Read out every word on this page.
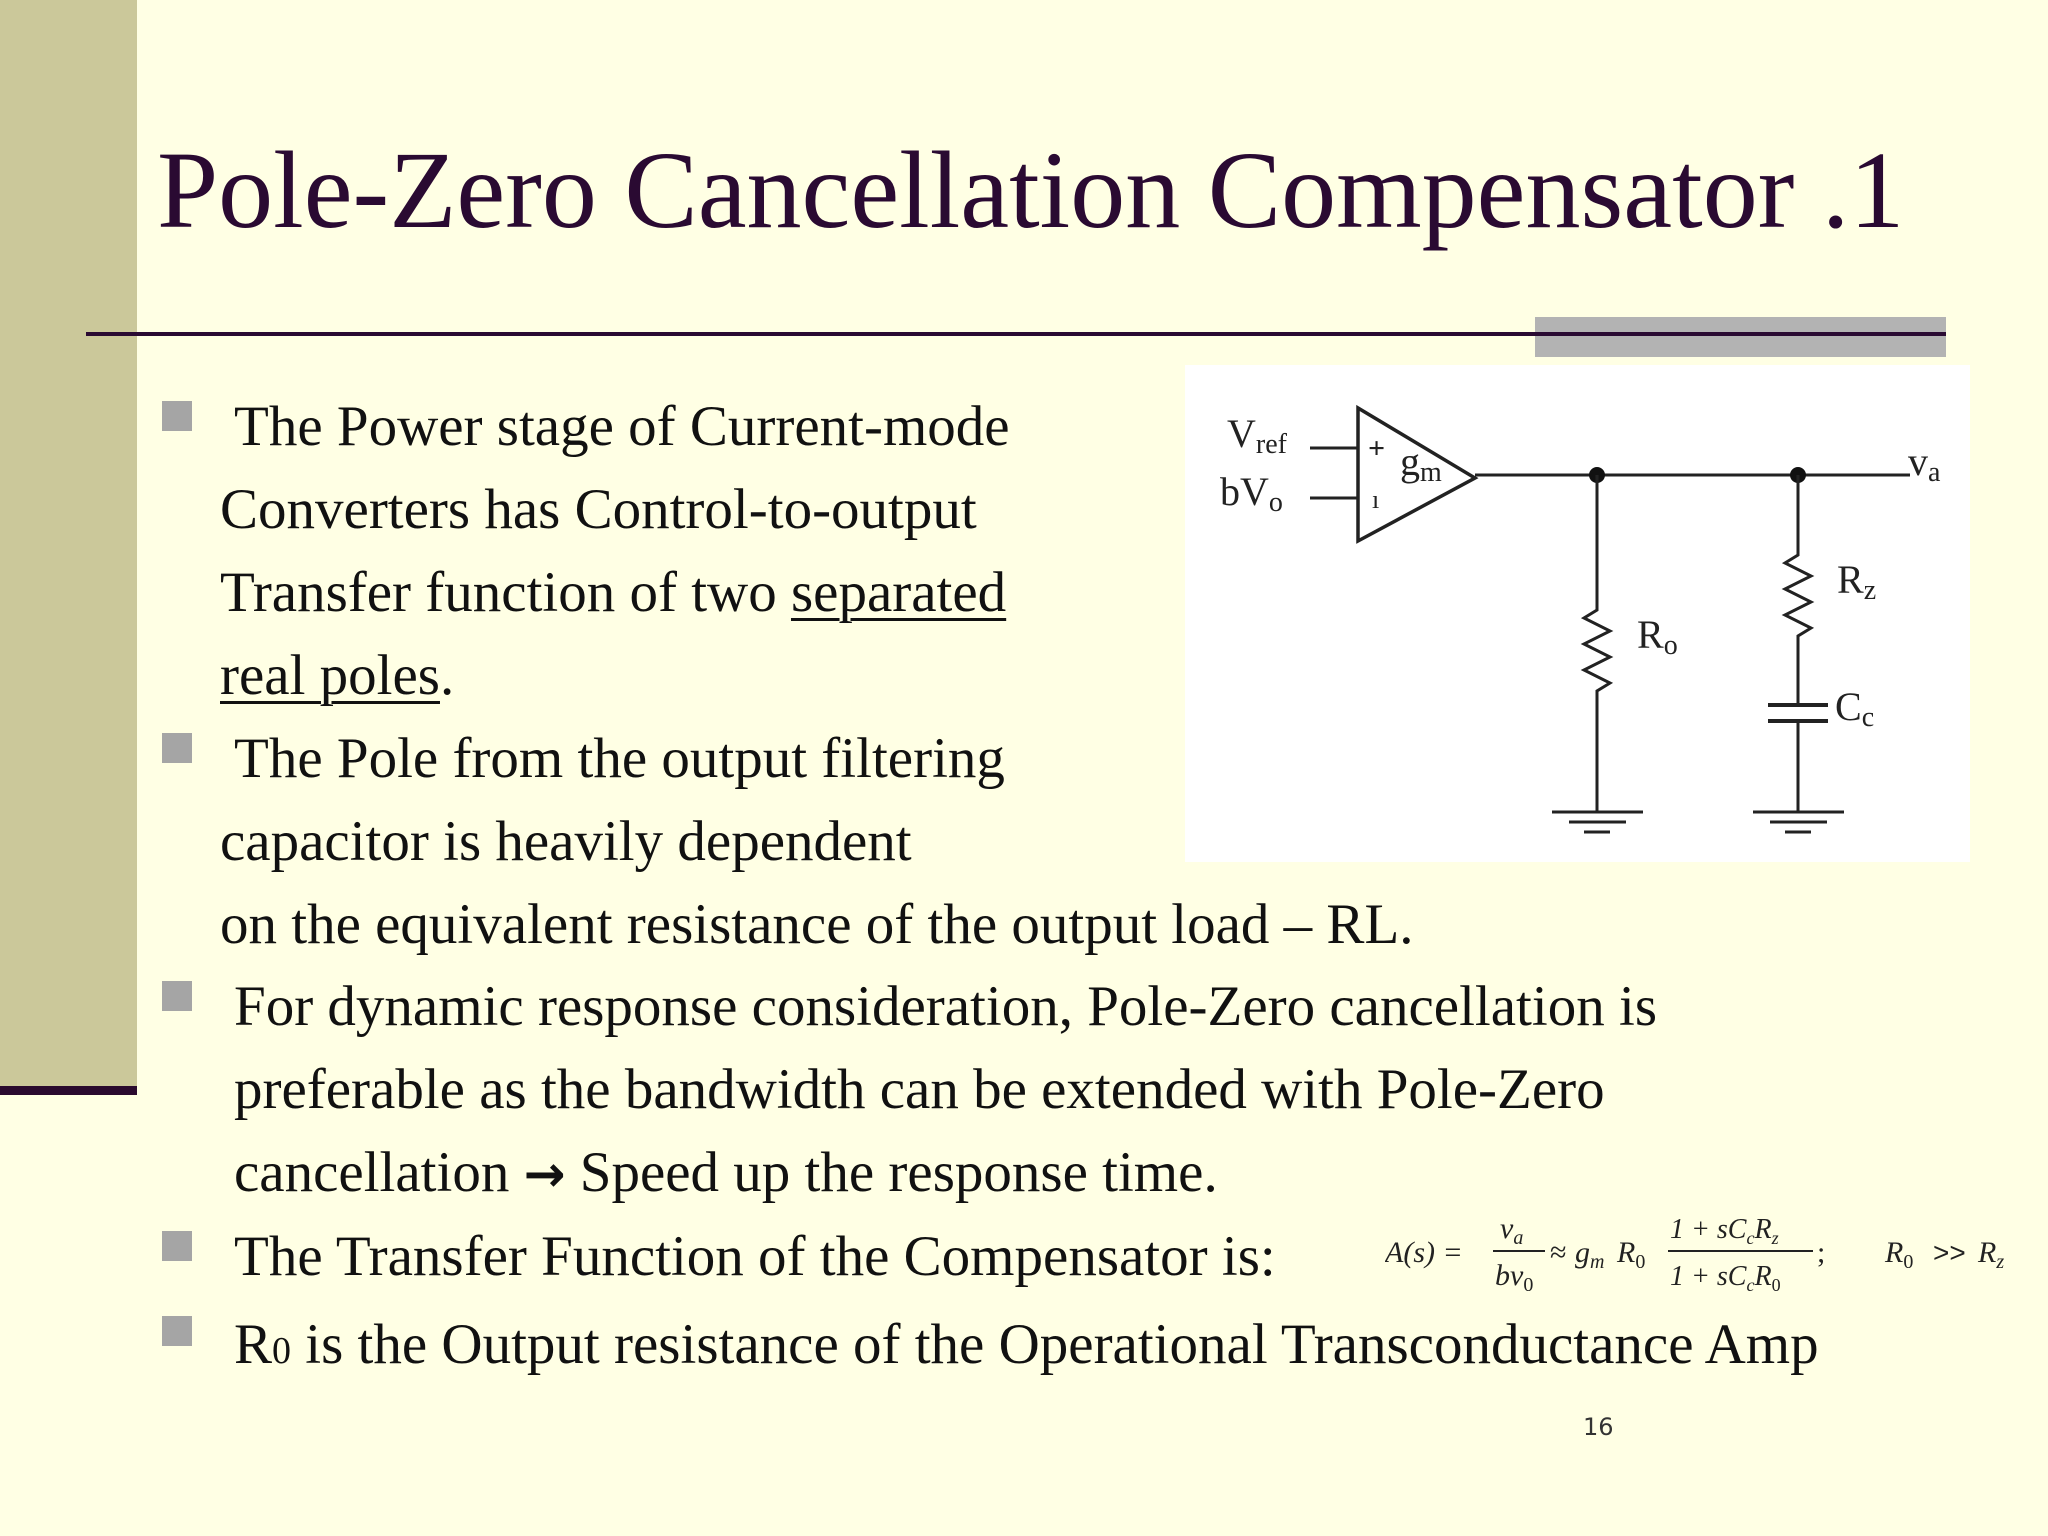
Pole-Zero Cancellation Compensator .1
The Power stage of Current-mode
Converters has Control-to-output
Transfer function of two separated
real poles.
The Pole from the output filtering
capacitor is heavily dependent
on the equivalent resistance of the output load – RL.
For dynamic response consideration, Pole-Zero cancellation is
preferable as the bandwidth can be extended with Pole-Zero
cancellation → Speed up the response time.
The Transfer Function of the Compensator is:
R0 is the Output resistance of the Operational Transconductance Amp
Vref
bVo
+
ı
gm	va
Ro
Rz
Cc
A(s) =
$v_a$
$bv_0$
≈ $g_m$ $R_0$
$1 + sC_cR_z$
$1 + sC_cR_0$
; $R_0 >> R_z$
16
